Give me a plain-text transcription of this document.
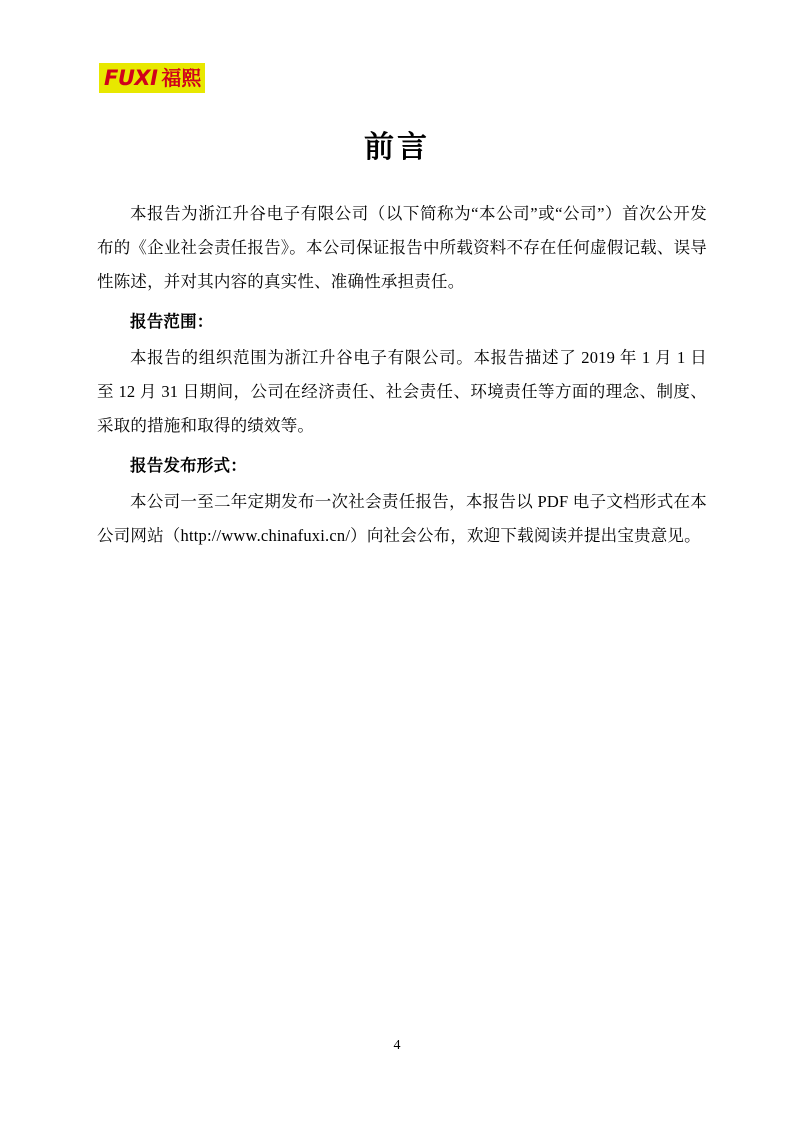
FUXI 福熙
前言

本报告为浙江升谷电子有限公司（以下简称为“本公司”或“公司”）首次公开发布的《企业社会责任报告》。本公司保证报告中所载资料不存在任何虚假记载、误导性陈述，并对其内容的真实性、准确性承担责任。

报告范围：

本报告的组织范围为浙江升谷电子有限公司。本报告描述了 2019 年 1 月 1 日至 12 月 31 日期间，公司在经济责任、社会责任、环境责任等方面的理念、制度、采取的措施和取得的绩效等。

报告发布形式：

本公司一至二年定期发布一次社会责任报告，本报告以 PDF 电子文档形式在本公司网站（http://www.chinafuxi.cn/）向社会公布，欢迎下载阅读并提出宝贵意见。

4
